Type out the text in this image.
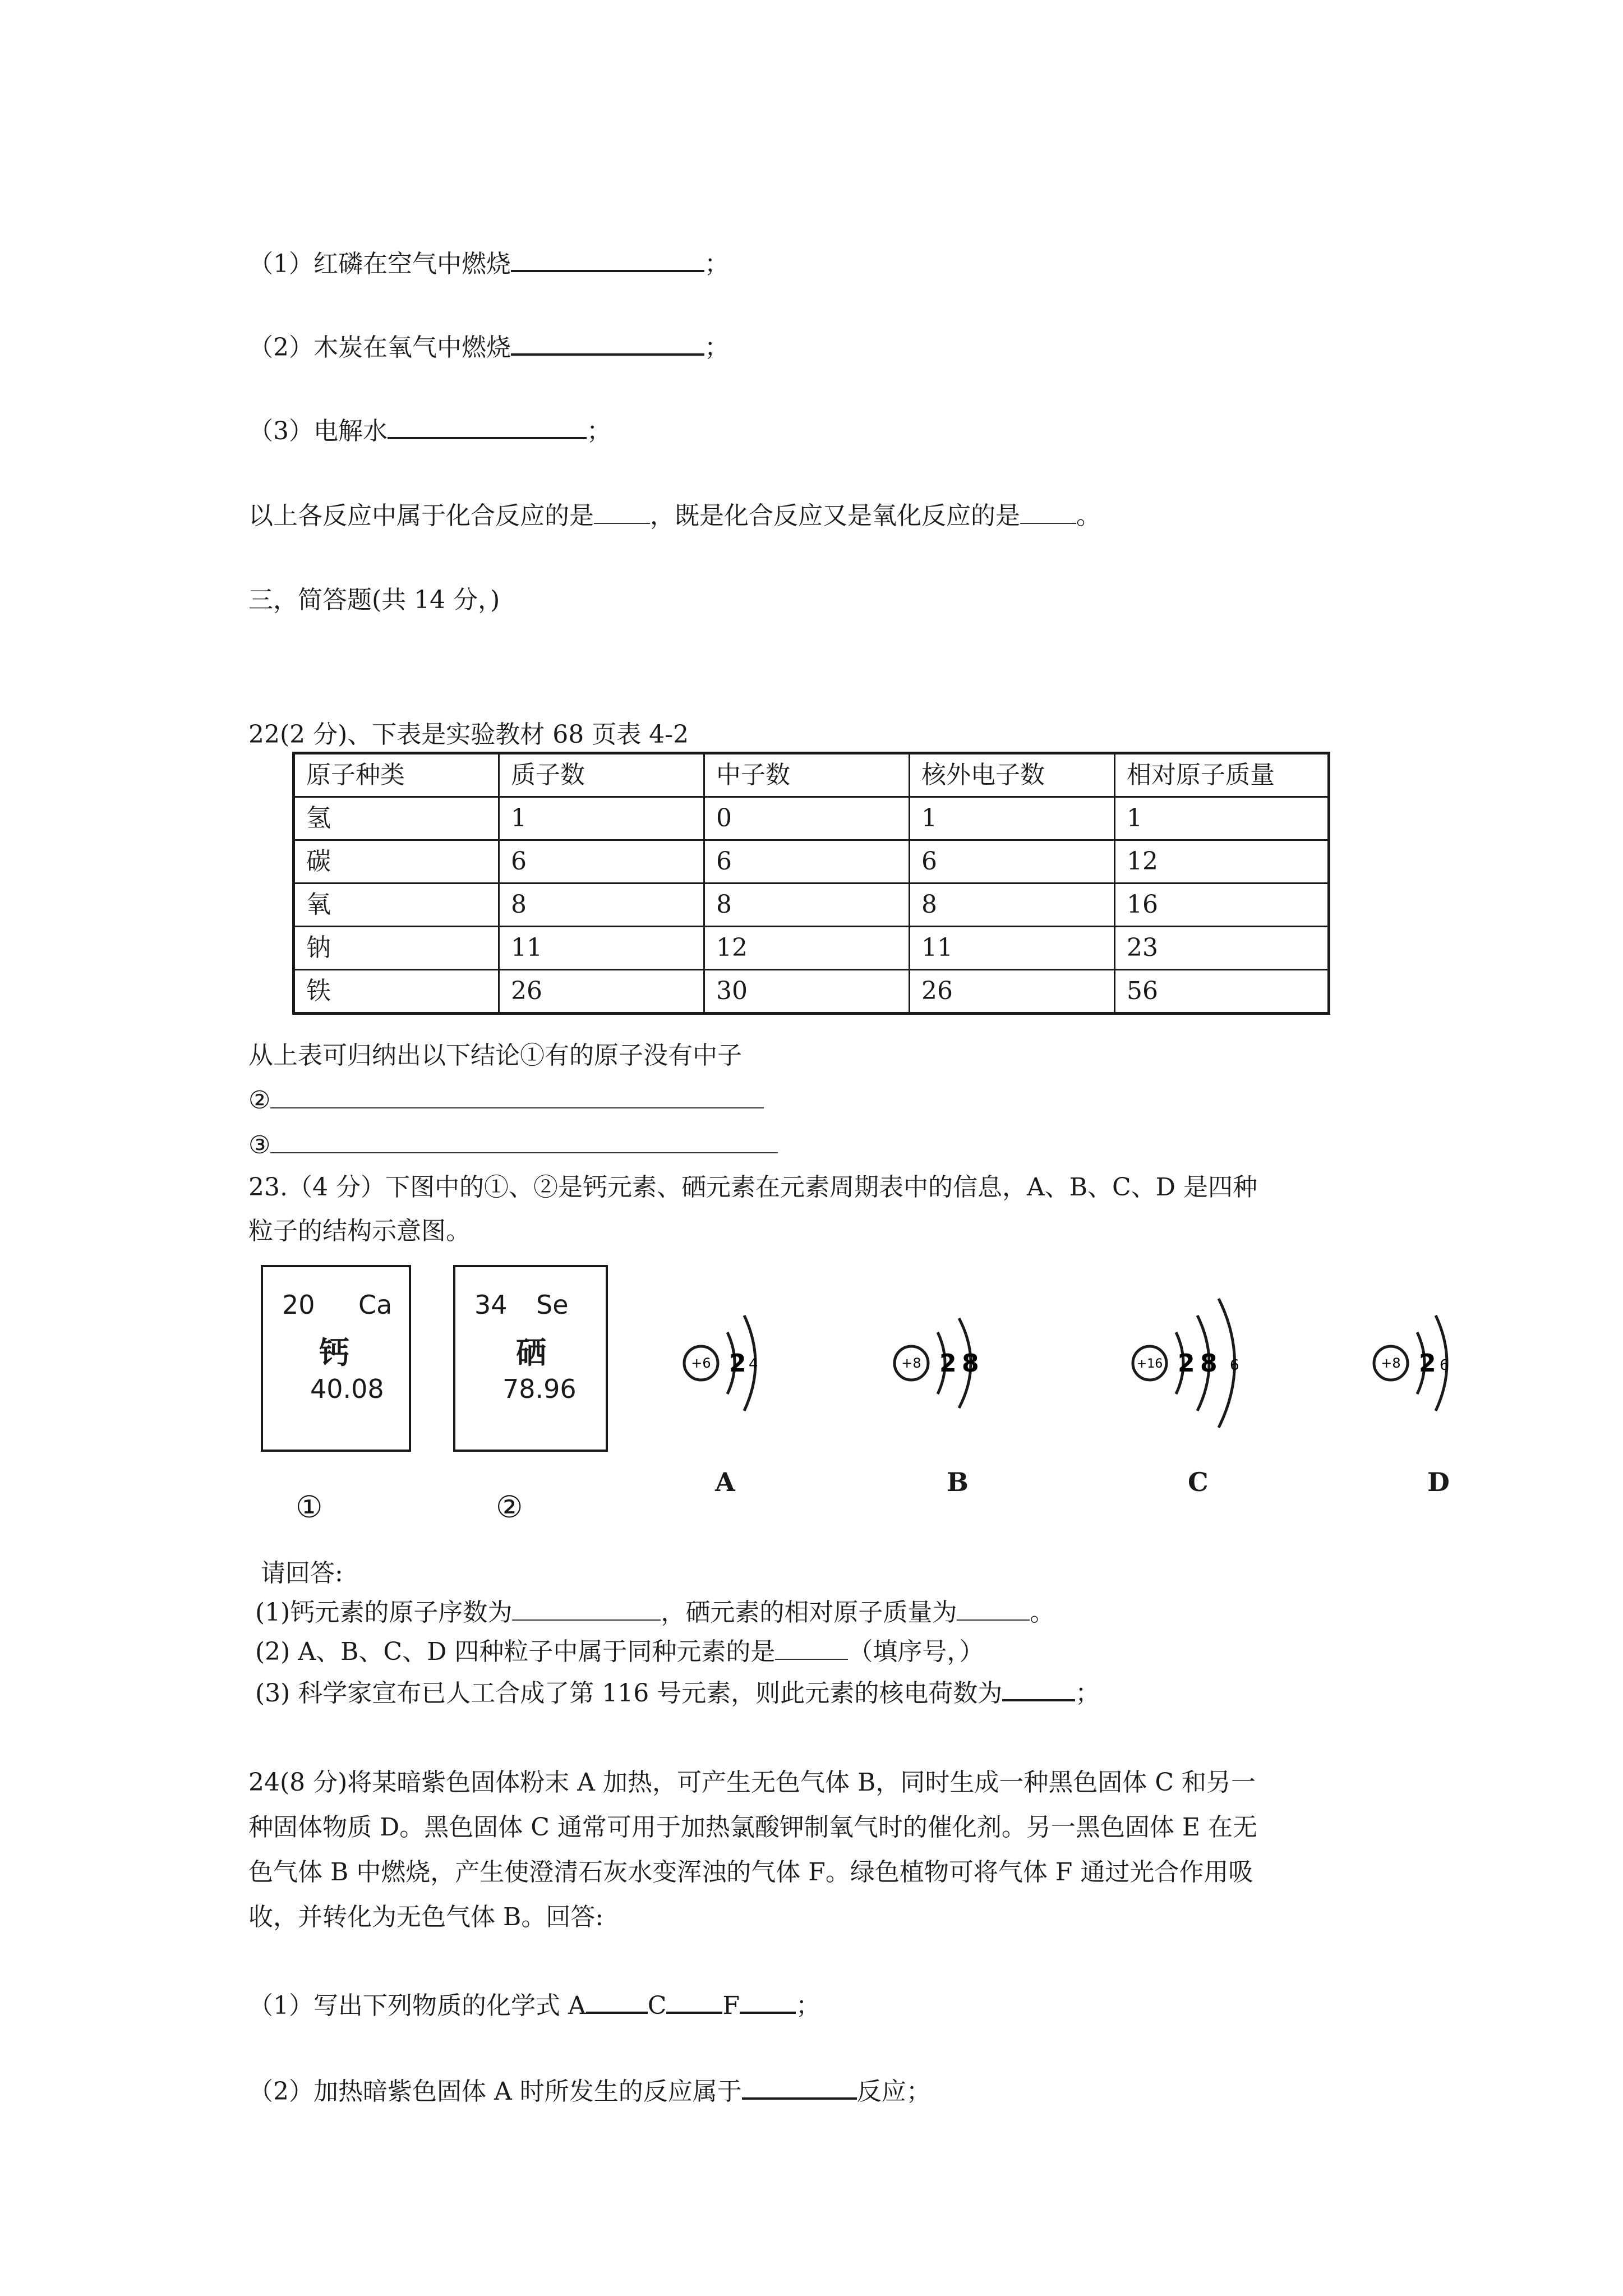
（1）红磷在空气中燃烧	；
（2）木炭在氧气中燃烧	；
（3）电解水	；
以上各反应中属于化合反应的是 ，既是化合反应又是氧化反应的是 。
三，简答题(共 14 分，)
22(2 分)、下表是实验教材 68 页表 4-2
原子种类	质子数	中子数	核外电子数	相对原子质量
氢	1	0	1	1
碳	6	6	6	12
氧	8	8	8	16
钠	11	12	11	23
铁	26	30	26	56
从上表可归纳出以下结论①有的原子没有中子
②
③
23.（4 分）下图中的①、②是钙元素、硒元素在元素周期表中的信息，A、B、C、D 是四种
粒子的结构示意图。
20 Ca
钙
40.08
34 Se
硒
78.96
①	②
+6 2 4	+8 2 8	+16 2 8 6	+8 2 6
A	B	C	D
请回答:
(1)钙元素的原子序数为	，硒元素的相对原子质量为	。
(2) A、B、C、D 四种粒子中属于同种元素的是	（填序号，）
(3) 科学家宣布已人工合成了第 116 号元素，则此元素的核电荷数为	；
24(8 分)将某暗紫色固体粉末 A 加热，可产生无色气体 B，同时生成一种黑色固体 C 和另一
种固体物质 D。黑色固体 C 通常可用于加热氯酸钾制氧气时的催化剂。另一黑色固体 E 在无
色气体 B 中燃烧，产生使澄清石灰水变浑浊的气体 F。绿色植物可将气体 F 通过光合作用吸
收，并转化为无色气体 B。回答:
（1）写出下列物质的化学式 A	C F ；
（2）加热暗紫色固体 A 时所发生的反应属于	反应；
